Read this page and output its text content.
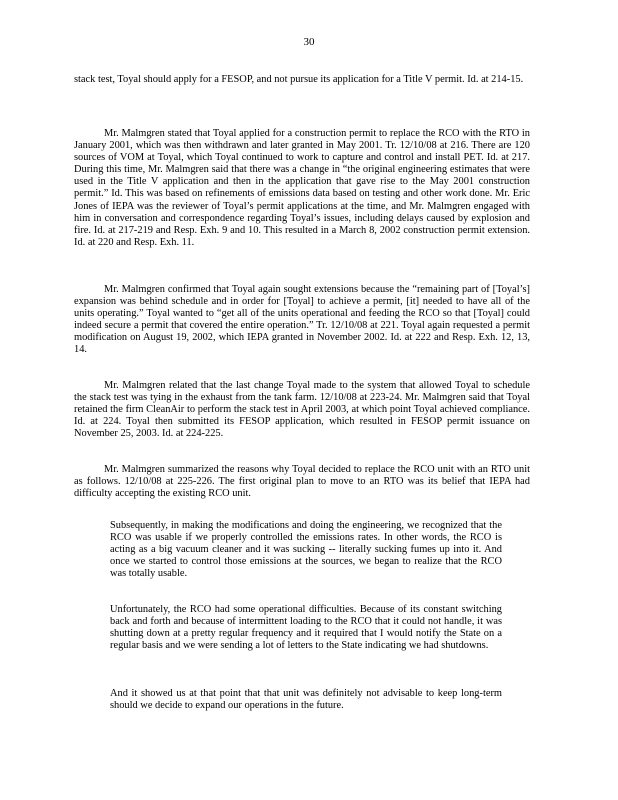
30

stack test, Toyal should apply for a FESOP, and not pursue its application for a Title V permit. Id. at 214-15.

Mr. Malmgren stated that Toyal applied for a construction permit to replace the RCO with the RTO in January 2001, which was then withdrawn and later granted in May 2001. Tr. 12/10/08 at 216. There are 120 sources of VOM at Toyal, which Toyal continued to work to capture and control and install PET. Id. at 217. During this time, Mr. Malmgren said that there was a change in “the original engineering estimates that were used in the Title V application and then in the application that gave rise to the May 2001 construction permit.” Id. This was based on refinements of emissions data based on testing and other work done. Mr. Eric Jones of IEPA was the reviewer of Toyal’s permit applications at the time, and Mr. Malmgren engaged with him in conversation and correspondence regarding Toyal’s issues, including delays caused by explosion and fire. Id. at 217-219 and Resp. Exh. 9 and 10. This resulted in a March 8, 2002 construction permit extension. Id. at 220 and Resp. Exh. 11.

Mr. Malmgren confirmed that Toyal again sought extensions because the “remaining part of [Toyal’s] expansion was behind schedule and in order for [Toyal] to achieve a permit, [it] needed to have all of the units operating.” Toyal wanted to “get all of the units operational and feeding the RCO so that [Toyal] could indeed secure a permit that covered the entire operation.” Tr. 12/10/08 at 221. Toyal again requested a permit modification on August 19, 2002, which IEPA granted in November 2002. Id. at 222 and Resp. Exh. 12, 13, 14.

Mr. Malmgren related that the last change Toyal made to the system that allowed Toyal to schedule the stack test was tying in the exhaust from the tank farm. 12/10/08 at 223-24. Mr. Malmgren said that Toyal retained the firm CleanAir to perform the stack test in April 2003, at which point Toyal achieved compliance. Id. at 224. Toyal then submitted its FESOP application, which resulted in FESOP permit issuance on November 25, 2003. Id. at 224-225.

Mr. Malmgren summarized the reasons why Toyal decided to replace the RCO unit with an RTO unit as follows. 12/10/08 at 225-226. The first original plan to move to an RTO was its belief that IEPA had difficulty accepting the existing RCO unit.

Subsequently, in making the modifications and doing the engineering, we recognized that the RCO was usable if we properly controlled the emissions rates. In other words, the RCO is acting as a big vacuum cleaner and it was sucking -- literally sucking fumes up into it. And once we started to control those emissions at the sources, we began to realize that the RCO was totally usable.

Unfortunately, the RCO had some operational difficulties. Because of its constant switching back and forth and because of intermittent loading to the RCO that it could not handle, it was shutting down at a pretty regular frequency and it required that I would notify the State on a regular basis and we were sending a lot of letters to the State indicating we had shutdowns.

And it showed us at that point that that unit was definitely not advisable to keep long-term should we decide to expand our operations in the future.
